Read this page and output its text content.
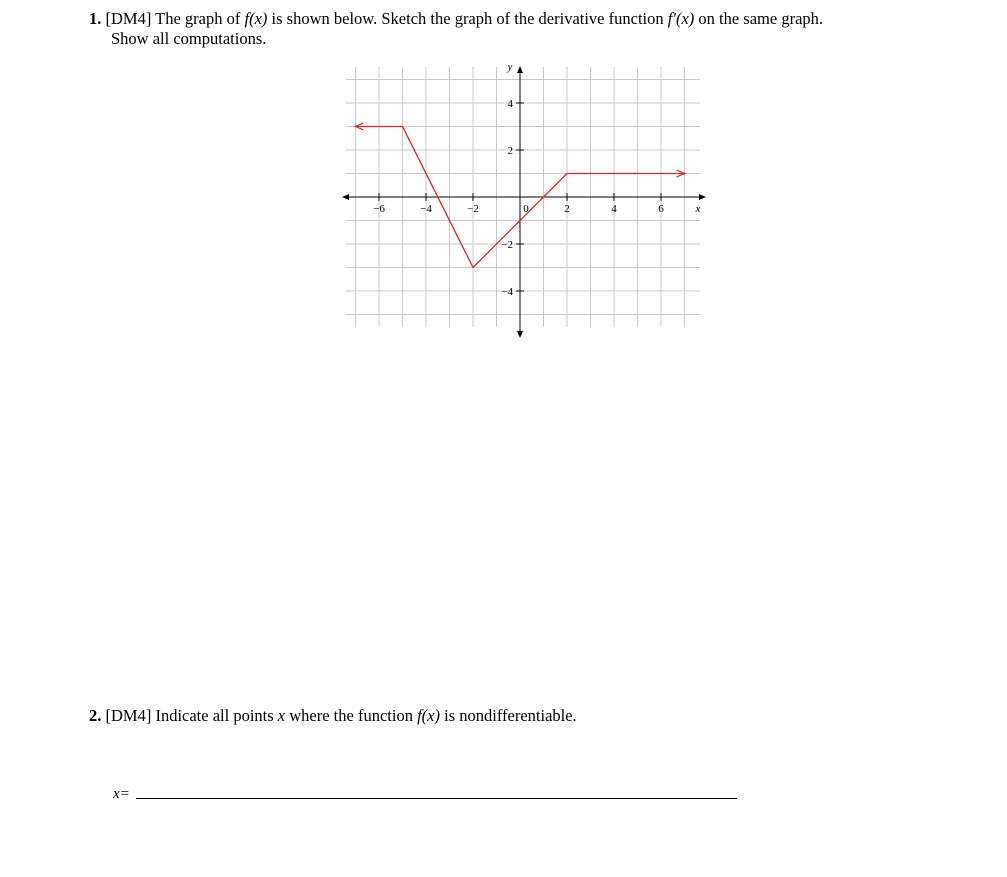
1. [DM4] The graph of f(x) is shown below. Sketch the graph of the derivative function f′(x) on the same graph.
Show all computations.
−6	−4	−2	0	2	4	6
4
2
−2
−4
x
y
2. [DM4] Indicate all points x where the function f(x) is nondifferentiable.
x=
